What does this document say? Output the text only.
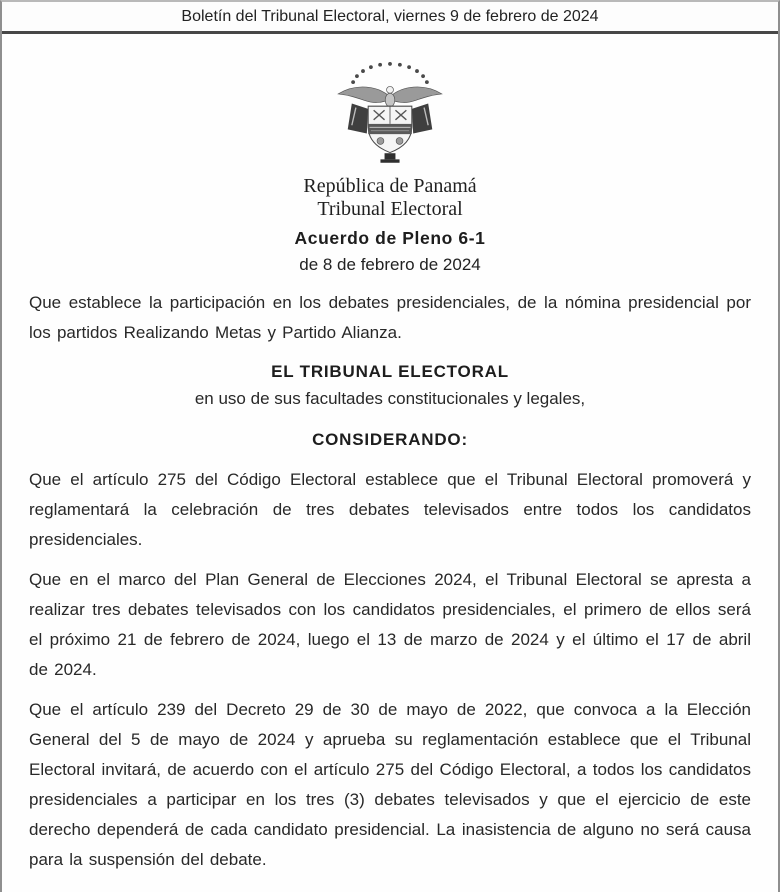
Boletín del Tribunal Electoral, viernes 9 de febrero de 2024
República de Panamá
Tribunal Electoral
Acuerdo de Pleno 6-1
de 8 de febrero de 2024

Que establece la participación en los debates presidenciales, de la nómina presidencial por los partidos Realizando Metas y Partido Alianza.

EL TRIBUNAL ELECTORAL
en uso de sus facultades constitucionales y legales,
CONSIDERANDO:

Que el artículo 275 del Código Electoral establece que el Tribunal Electoral promoverá y reglamentará la celebración de tres debates televisados entre todos los candidatos presidenciales.

Que en el marco del Plan General de Elecciones 2024, el Tribunal Electoral se apresta a realizar tres debates televisados con los candidatos presidenciales, el primero de ellos será el próximo 21 de febrero de 2024, luego el 13 de marzo de 2024 y el último el 17 de abril de 2024.

Que el artículo 239 del Decreto 29 de 30 de mayo de 2022, que convoca a la Elección General del 5 de mayo de 2024 y aprueba su reglamentación establece que el Tribunal Electoral invitará, de acuerdo con el artículo 275 del Código Electoral, a todos los candidatos presidenciales a participar en los tres (3) debates televisados y que el ejercicio de este derecho dependerá de cada candidato presidencial. La inasistencia de alguno no será causa para la suspensión del debate.
